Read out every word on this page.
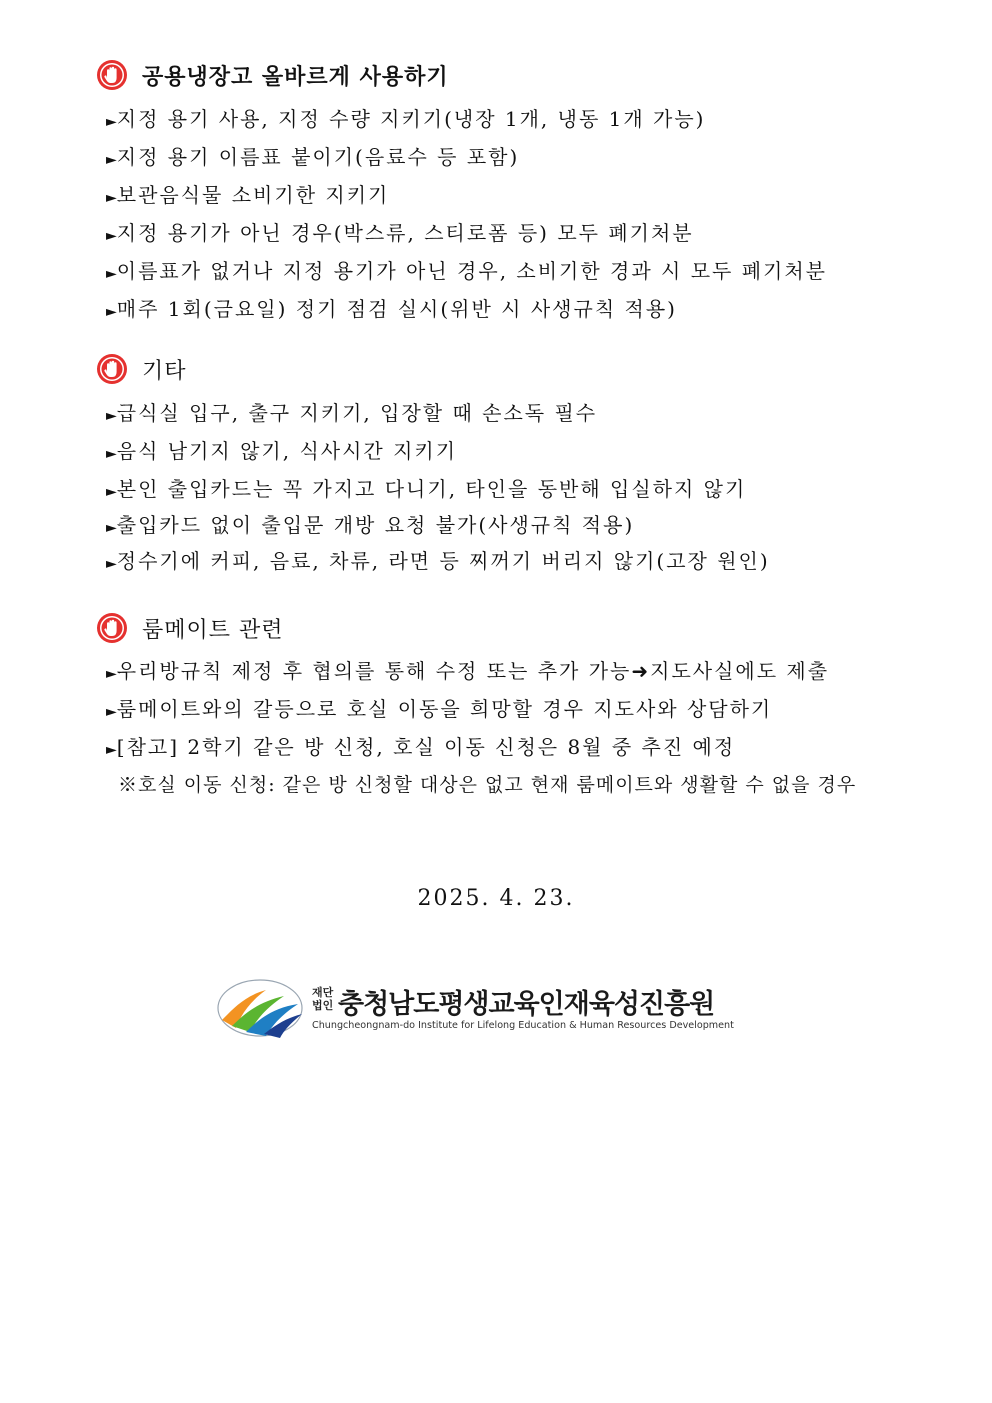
공용냉장고 올바르게 사용하기
►지정 용기 사용, 지정 수량 지키기(냉장 1개, 냉동 1개 가능)
►지정 용기 이름표 붙이기(음료수 등 포함)
►보관음식물 소비기한 지키기
►지정 용기가 아닌 경우(박스류, 스티로폼 등) 모두 폐기처분
►이름표가 없거나 지정 용기가 아닌 경우, 소비기한 경과 시 모두 폐기처분
►매주 1회(금요일) 정기 점검 실시(위반 시 사생규칙 적용)
기타
►급식실 입구, 출구 지키기, 입장할 때 손소독 필수
►음식 남기지 않기, 식사시간 지키기
►본인 출입카드는 꼭 가지고 다니기, 타인을 동반해 입실하지 않기
►출입카드 없이 출입문 개방 요청 불가(사생규칙 적용)
►정수기에 커피, 음료, 차류, 라면 등 찌꺼기 버리지 않기(고장 원인)
룸메이트 관련
►우리방규칙 제정 후 협의를 통해 수정 또는 추가 가능➜지도사실에도 제출
►룸메이트와의 갈등으로 호실 이동을 희망할 경우 지도사와 상담하기
►[참고] 2학기 같은 방 신청, 호실 이동 신청은 8월 중 추진 예정
※호실 이동 신청: 같은 방 신청할 대상은 없고 현재 룸메이트와 생활할 수 없을 경우
2025. 4. 23.
재단법인 충청남도평생교육인재육성진흥원
Chungcheongnam-do Institute for Lifelong Education & Human Resources Development
